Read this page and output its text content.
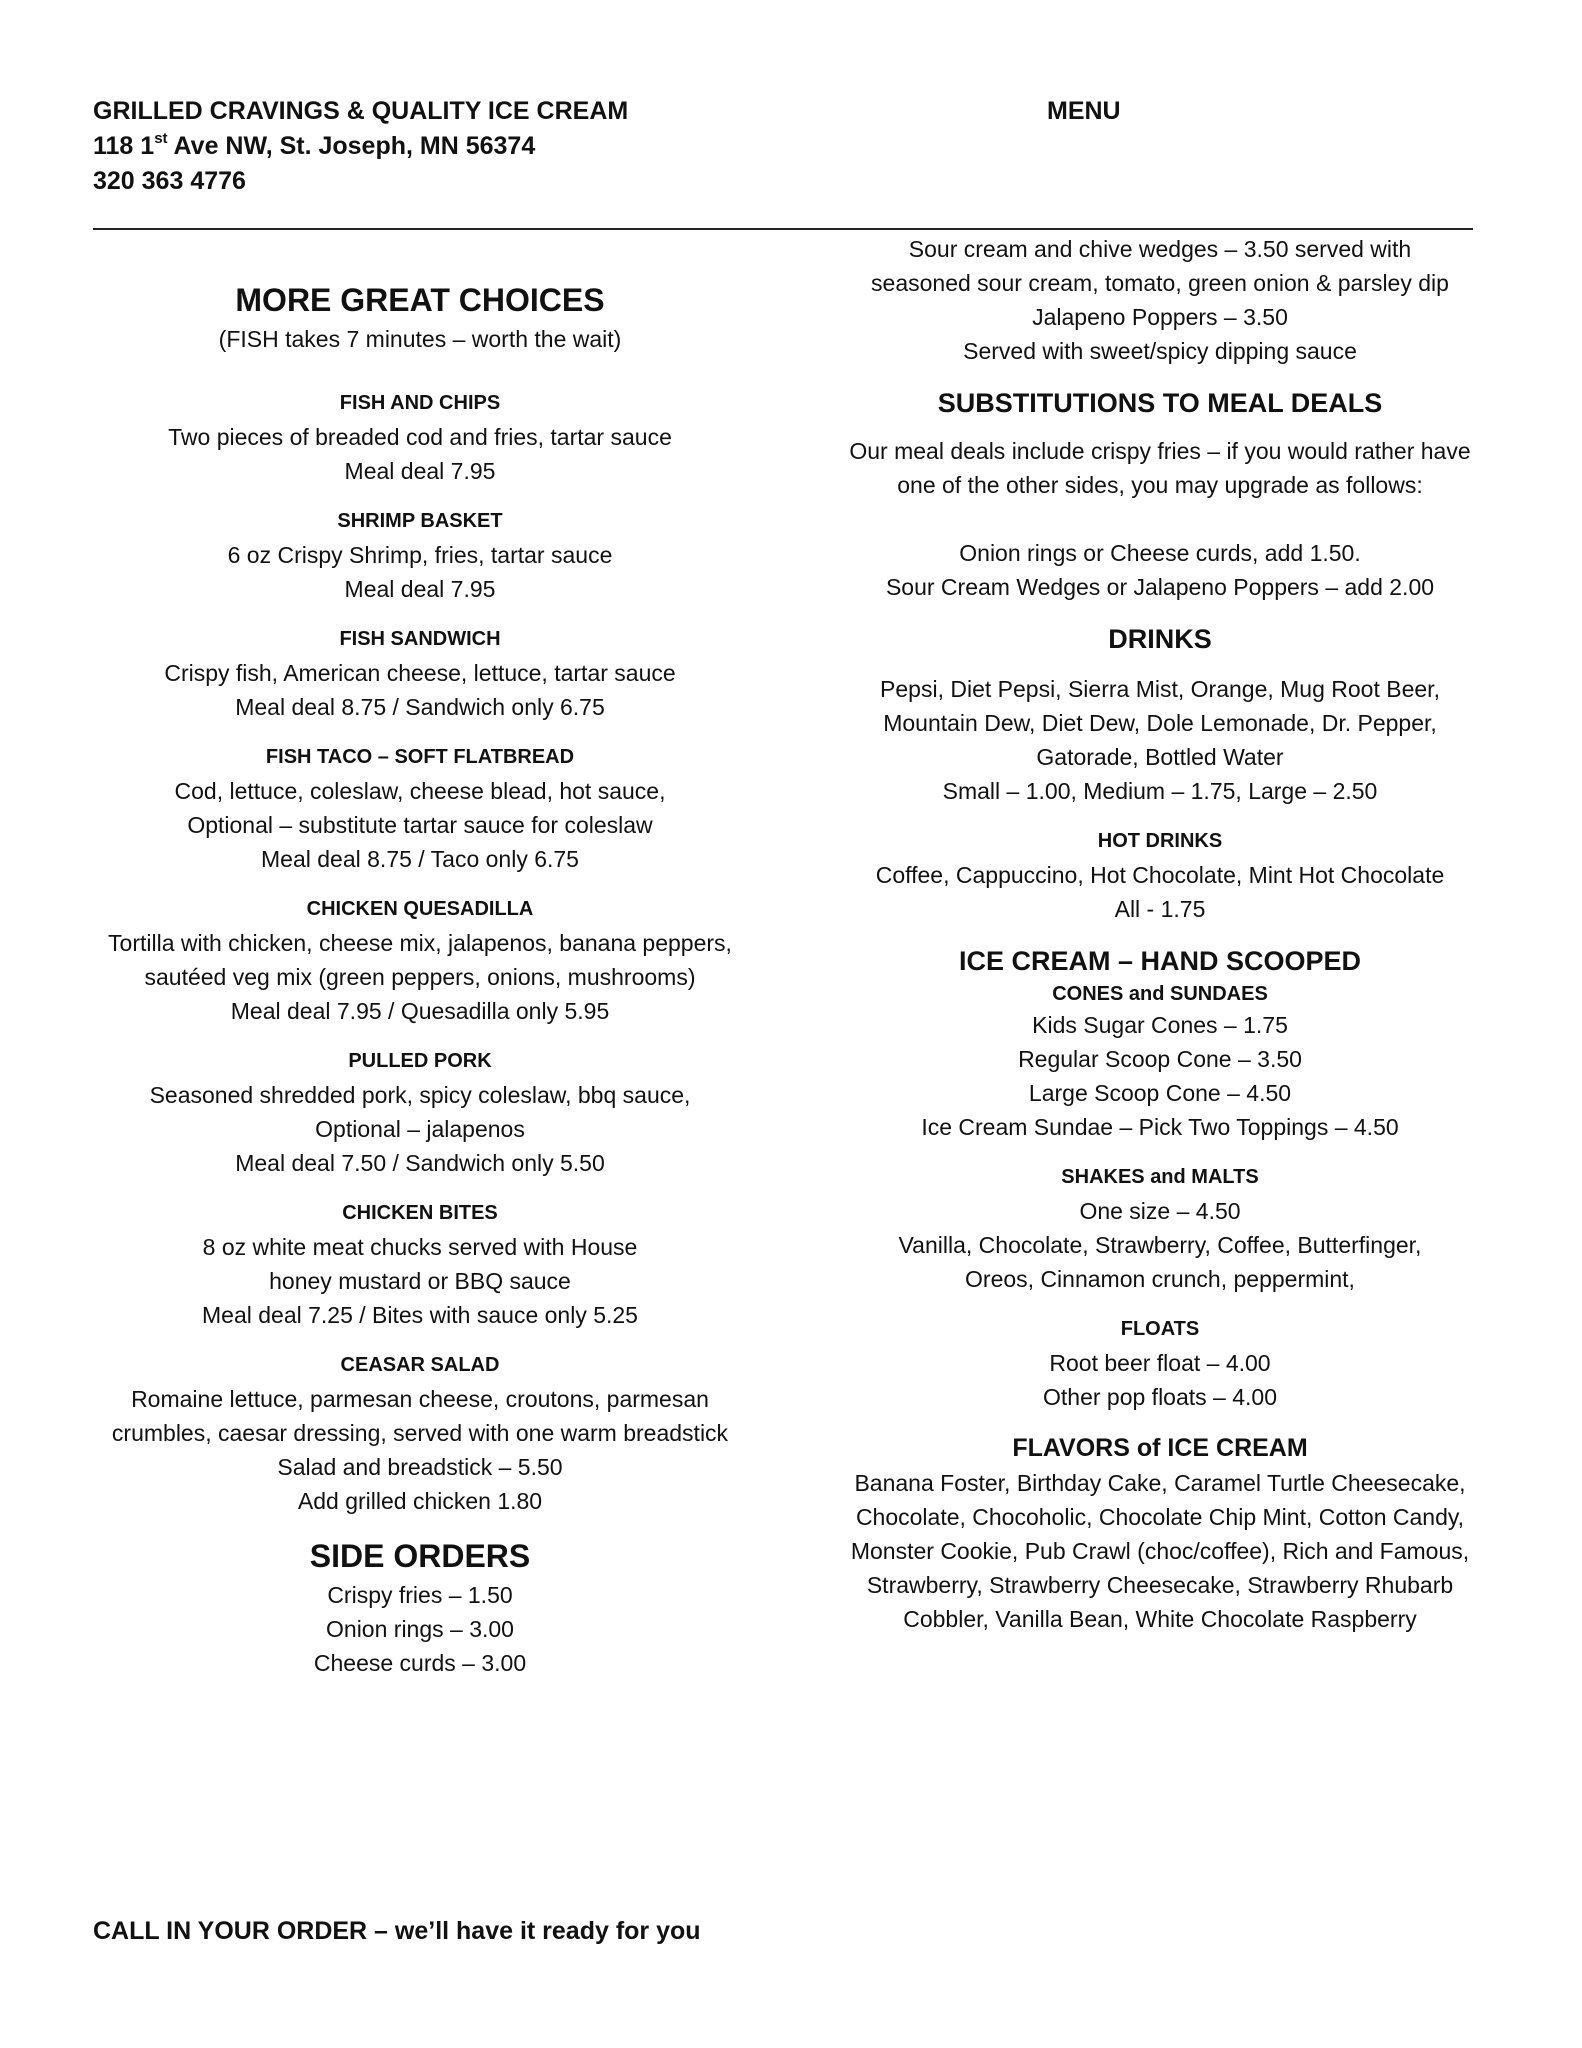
GRILLED CRAVINGS & QUALITY ICE CREAM
118 1st Ave NW, St. Joseph, MN 56374
320 363 4776
MENU
MORE GREAT CHOICES
(FISH takes 7 minutes – worth the wait)
FISH AND CHIPS
Two pieces of breaded cod and fries, tartar sauce
Meal deal 7.95
SHRIMP BASKET
6 oz Crispy Shrimp, fries, tartar sauce
Meal deal 7.95
FISH SANDWICH
Crispy fish, American cheese, lettuce, tartar sauce
Meal deal 8.75 / Sandwich only 6.75
FISH TACO – SOFT FLATBREAD
Cod, lettuce, coleslaw, cheese blead, hot sauce,
Optional – substitute tartar sauce for coleslaw
Meal deal 8.75 / Taco only 6.75
CHICKEN QUESADILLA
Tortilla with chicken, cheese mix, jalapenos, banana peppers,
sautéed veg mix (green peppers, onions, mushrooms)
Meal deal 7.95 / Quesadilla only 5.95
PULLED PORK
Seasoned shredded pork, spicy coleslaw, bbq sauce,
Optional – jalapenos
Meal deal 7.50 / Sandwich only 5.50
CHICKEN BITES
8 oz white meat chucks served with House
honey mustard or BBQ sauce
Meal deal 7.25 / Bites with sauce only 5.25
CEASAR SALAD
Romaine lettuce, parmesan cheese, croutons, parmesan
crumbles, caesar dressing, served with one warm breadstick
Salad and breadstick – 5.50
Add grilled chicken 1.80
SIDE ORDERS
Crispy fries – 1.50
Onion rings – 3.00
Cheese curds – 3.00
Sour cream and chive wedges – 3.50 served with
seasoned sour cream, tomato, green onion & parsley dip
Jalapeno Poppers – 3.50
Served with sweet/spicy dipping sauce
SUBSTITUTIONS TO MEAL DEALS
Our meal deals include crispy fries – if you would rather have
one of the other sides, you may upgrade as follows:
Onion rings or Cheese curds, add 1.50.
Sour Cream Wedges or Jalapeno Poppers – add 2.00
DRINKS
Pepsi, Diet Pepsi, Sierra Mist, Orange, Mug Root Beer,
Mountain Dew, Diet Dew, Dole Lemonade, Dr. Pepper,
Gatorade, Bottled Water
Small – 1.00, Medium – 1.75, Large – 2.50
HOT DRINKS
Coffee, Cappuccino, Hot Chocolate, Mint Hot Chocolate
All - 1.75
ICE CREAM – HAND SCOOPED
CONES and SUNDAES
Kids Sugar Cones – 1.75
Regular Scoop Cone – 3.50
Large Scoop Cone – 4.50
Ice Cream Sundae – Pick Two Toppings – 4.50
SHAKES and MALTS
One size – 4.50
Vanilla, Chocolate, Strawberry, Coffee, Butterfinger,
Oreos, Cinnamon crunch, peppermint,
FLOATS
Root beer float – 4.00
Other pop floats – 4.00
FLAVORS of ICE CREAM
Banana Foster, Birthday Cake, Caramel Turtle Cheesecake,
Chocolate, Chocoholic, Chocolate Chip Mint, Cotton Candy,
Monster Cookie, Pub Crawl (choc/coffee), Rich and Famous,
Strawberry, Strawberry Cheesecake, Strawberry Rhubarb
Cobbler, Vanilla Bean, White Chocolate Raspberry
CALL IN YOUR ORDER – we’ll have it ready for you
